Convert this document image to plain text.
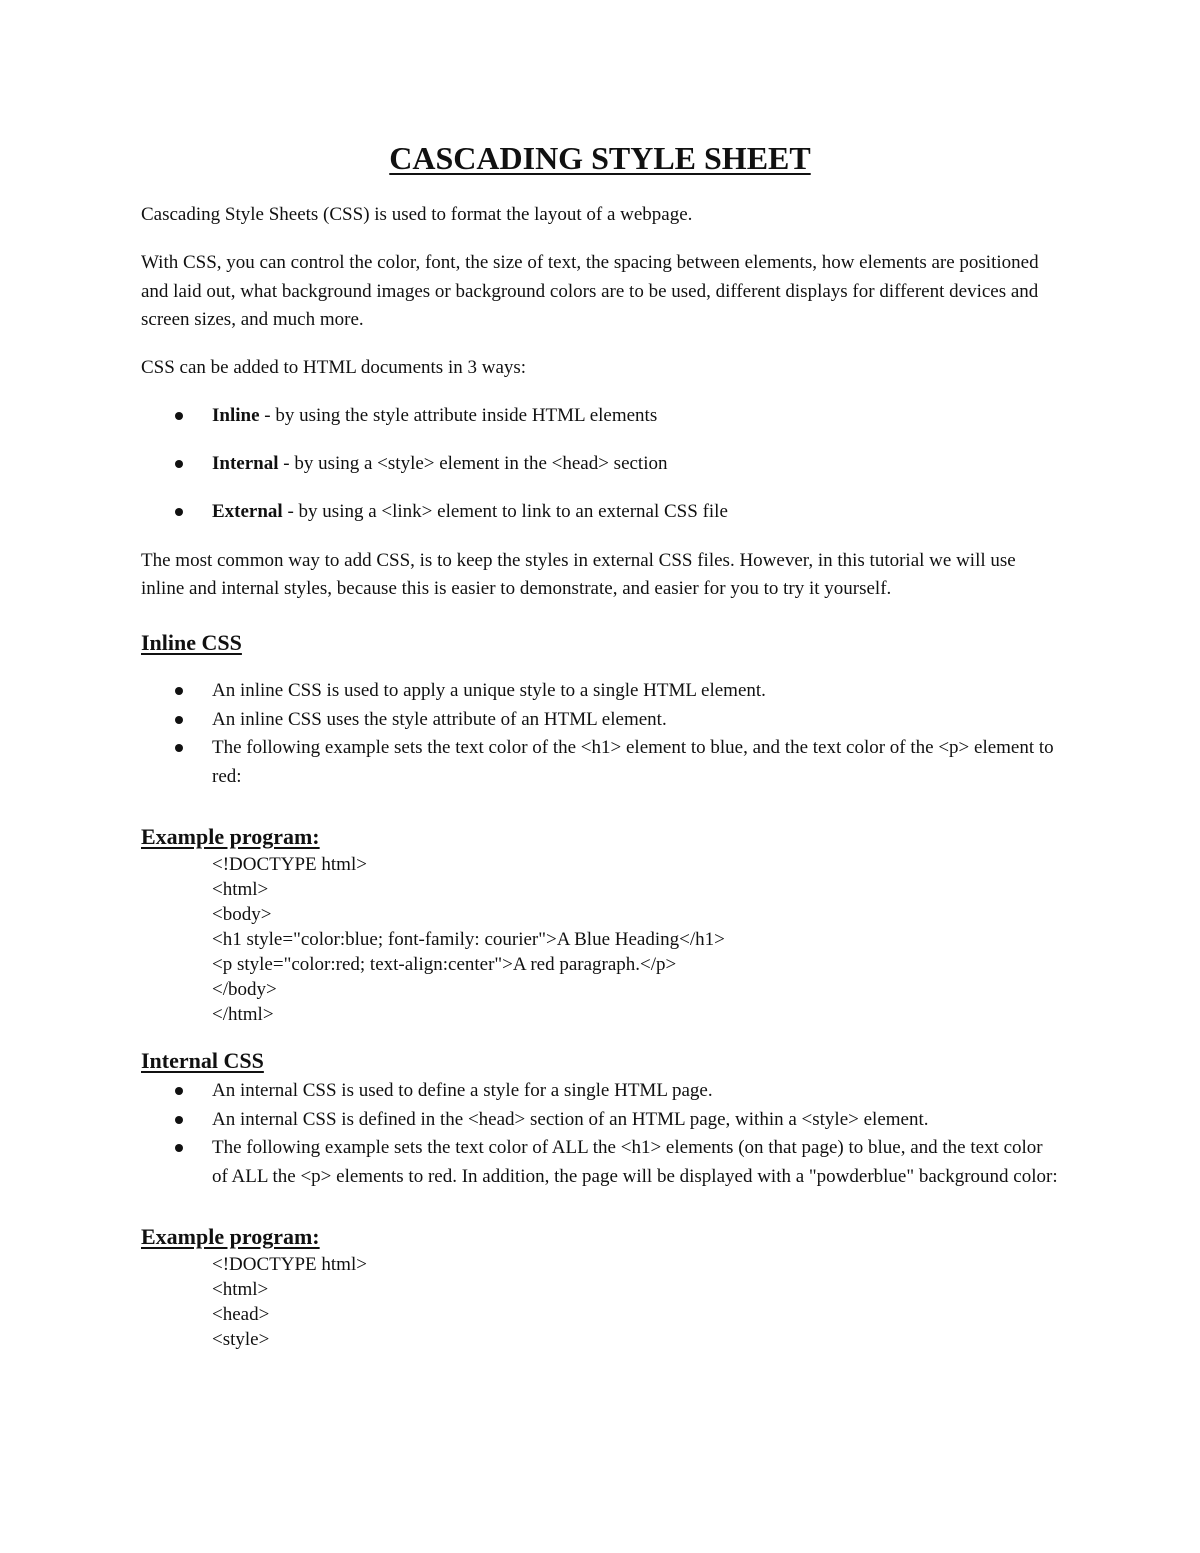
CASCADING STYLE SHEET

Cascading Style Sheets (CSS) is used to format the layout of a webpage.

With CSS, you can control the color, font, the size of text, the spacing between elements, how elements are positioned and laid out, what background images or background colors are to be used, different displays for different devices and screen sizes, and much more.

CSS can be added to HTML documents in 3 ways:

Inline - by using the style attribute inside HTML elements
Internal - by using a <style> element in the <head> section
External - by using a <link> element to link to an external CSS file

The most common way to add CSS, is to keep the styles in external CSS files. However, in this tutorial we will use inline and internal styles, because this is easier to demonstrate, and easier for you to try it yourself.

Inline CSS
An inline CSS is used to apply a unique style to a single HTML element.
An inline CSS uses the style attribute of an HTML element.
The following example sets the text color of the <h1> element to blue, and the text color of the <p> element to red:
Example program:
<!DOCTYPE html>
<html>
<body>
<h1 style="color:blue; font-family: courier">A Blue Heading</h1>
<p style="color:red; text-align:center">A red paragraph.</p>
</body>
</html>
Internal CSS
An internal CSS is used to define a style for a single HTML page.
An internal CSS is defined in the <head> section of an HTML page, within a <style> element.
The following example sets the text color of ALL the <h1> elements (on that page) to blue, and the text color of ALL the <p> elements to red. In addition, the page will be displayed with a "powderblue" background color:
Example program:
<!DOCTYPE html>
<html>
<head>
<style>
